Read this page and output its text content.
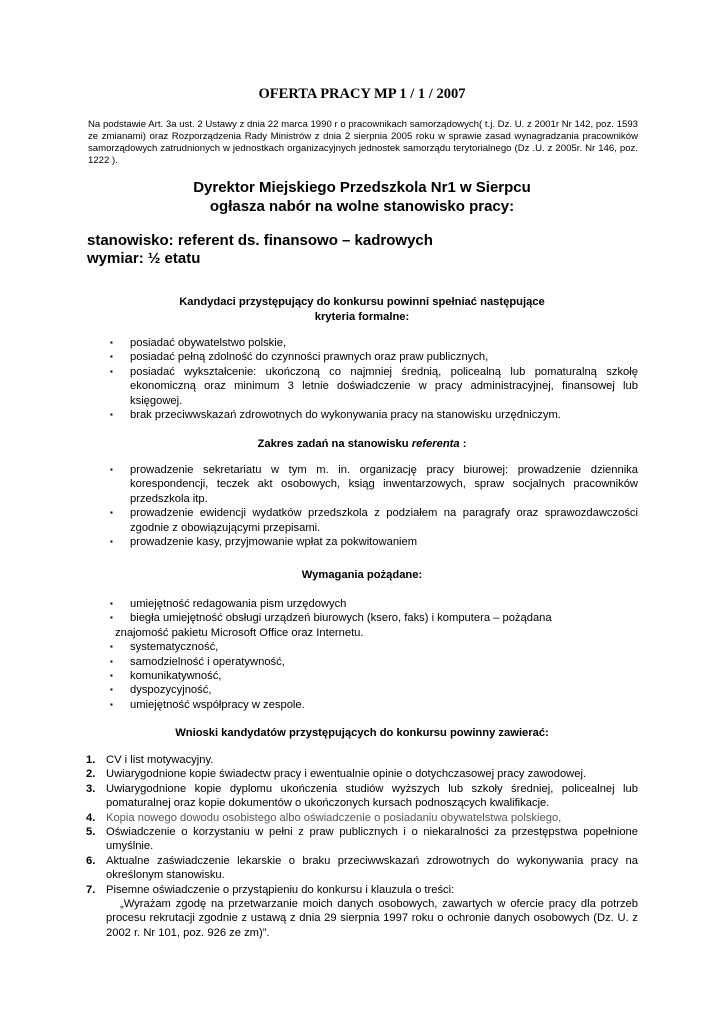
OFERTA PRACY MP 1 / 1 / 2007
Na podstawie Art. 3a ust. 2 Ustawy z dnia 22 marca 1990 r o pracownikach samorządowych( t.j. Dz. U. z 2001r Nr 142, poz. 1593 ze zmianami) oraz Rozporządzenia Rady Ministrów z dnia 2 sierpnia 2005 roku w sprawie zasad wynagradzania pracowników samorządowych zatrudnionych w jednostkach organizacyjnych jednostek samorządu terytorialnego (Dz .U. z 2005r. Nr 146, poz. 1222 ).
Dyrektor Miejskiego Przedszkola Nr1 w Sierpcu
ogłasza nabór na wolne stanowisko pracy:
stanowisko: referent ds. finansowo – kadrowych
wymiar: ½ etatu
Kandydaci przystępujący do konkursu powinni spełniać następujące
kryteria formalne:
▪ posiadać obywatelstwo polskie,
▪ posiadać pełną zdolność do czynności prawnych oraz praw publicznych,
▪ posiadać wykształcenie: ukończoną co najmniej średnią, policealną lub pomaturalną szkołę ekonomiczną oraz minimum 3 letnie doświadczenie w pracy administracyjnej, finansowej lub księgowej.
▪ brak przeciwwskazań zdrowotnych do wykonywania pracy na stanowisku urzędniczym.
Zakres zadań na stanowisku referenta :
▪ prowadzenie sekretariatu w tym m. in. organizację pracy biurowej: prowadzenie dziennika korespondencji, teczek akt osobowych, ksiąg inwentarzowych, spraw socjalnych pracowników przedszkola itp.
▪ prowadzenie ewidencji wydatków przedszkola z podziałem na paragrafy oraz sprawozdawczości zgodnie z obowiązującymi przepisami.
▪ prowadzenie kasy, przyjmowanie wpłat za pokwitowaniem
Wymagania pożądane:
▪ umiejętność redagowania pism urzędowych
▪ biegła umiejętność obsługi urządzeń biurowych (ksero, faks) i komputera – pożądana
znajomość pakietu Microsoft Office oraz Internetu.
▪ systematyczność,
▪ samodzielność i operatywność,
▪ komunikatywność,
▪ dyspozycyjność,
▪ umiejętność współpracy w zespole.
Wnioski kandydatów przystępujących do konkursu powinny zawierać:
1. CV i list motywacyjny.
2. Uwiarygodnione kopie świadectw pracy i ewentualnie opinie o dotychczasowej pracy zawodowej.
3. Uwiarygodnione kopie dyplomu ukończenia studiów wyższych lub szkoły średniej, policealnej lub pomaturalnej oraz kopie dokumentów o ukończonych kursach podnoszących kwalifikacje.
4. Kopia nowego dowodu osobistego albo oświadczenie o posiadaniu obywatelstwa polskiego,
5. Oświadczenie o korzystaniu w pełni z praw publicznych i o niekaralności za przestępstwa popełnione umyślnie.
6. Aktualne zaświadczenie lekarskie o braku przeciwwskazań zdrowotnych do wykonywania pracy na określonym stanowisku.
7. Pisemne oświadczenie o przystąpieniu do konkursu i klauzula o treści:
„Wyrażam zgodę na przetwarzanie moich danych osobowych, zawartych w ofercie pracy dla potrzeb procesu rekrutacji zgodnie z ustawą z dnia 29 sierpnia 1997 roku o ochronie danych osobowych (Dz. U. z 2002 r. Nr 101, poz. 926 ze zm)”.
